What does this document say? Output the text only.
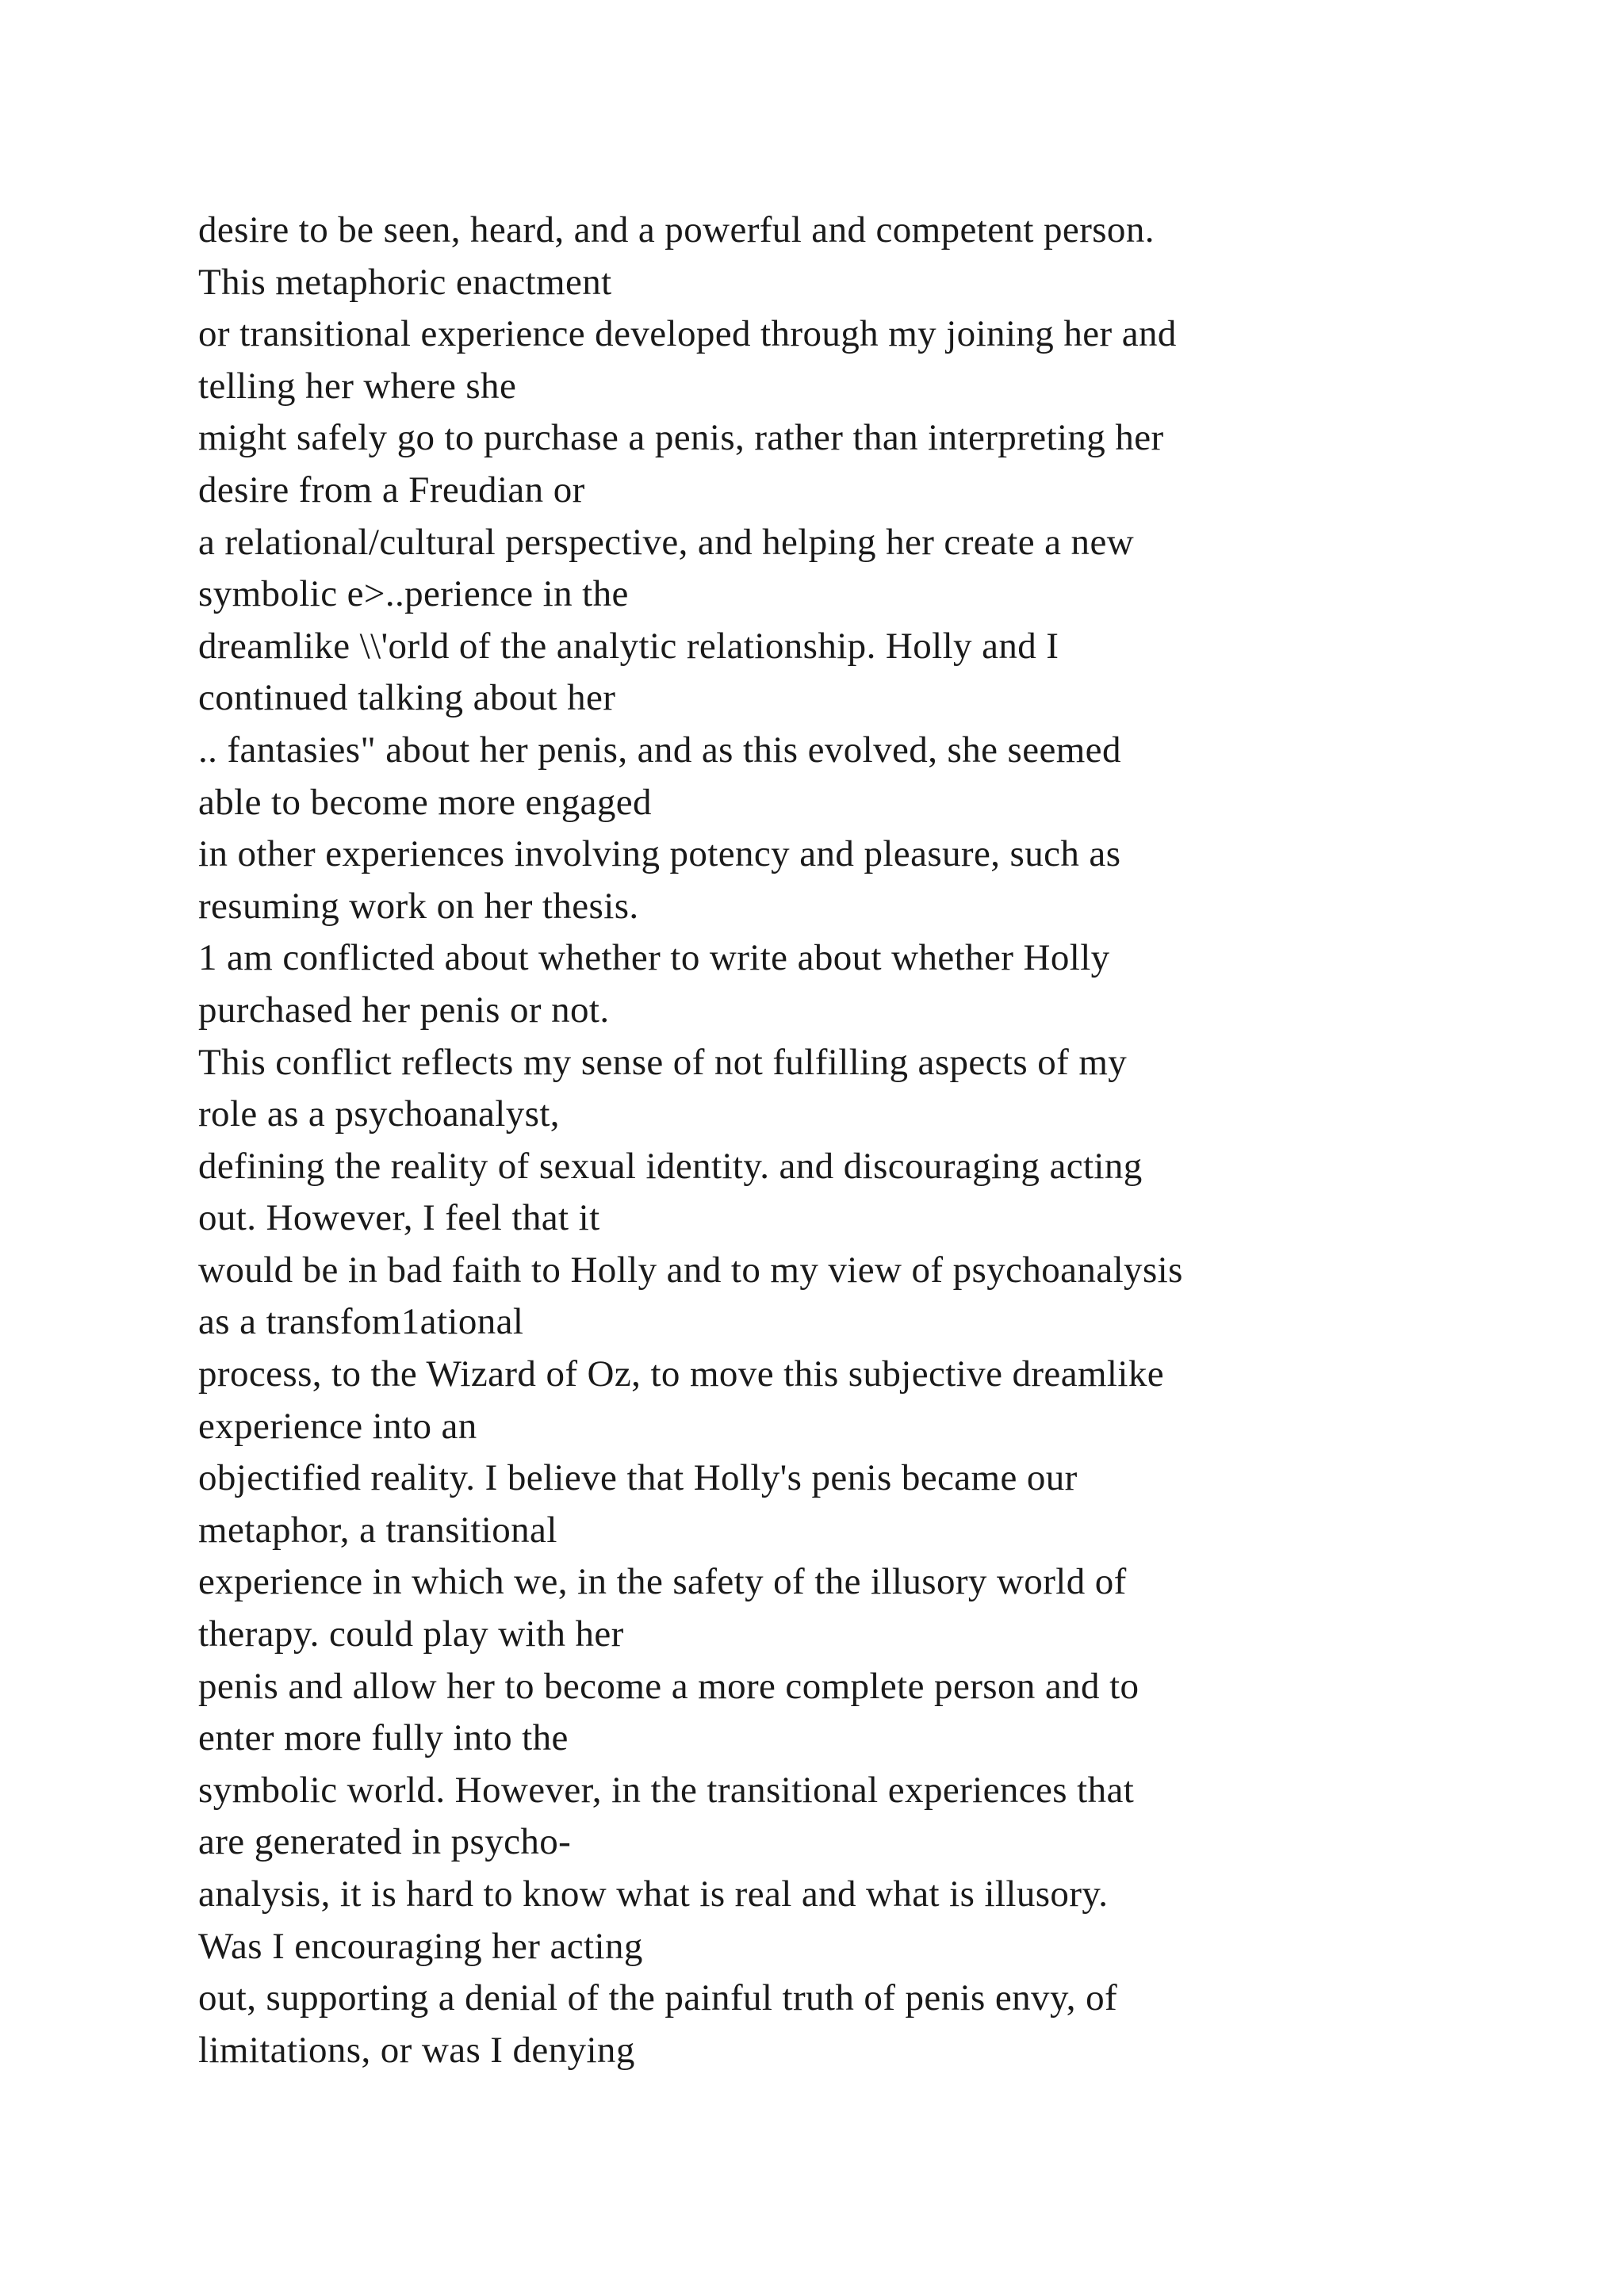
desire to be seen, heard, and a powerful and competent person.
This metaphoric enactment
or transitional experience developed through my joining her and
telling her where she
might safely go to purchase a penis, rather than interpreting her
desire from a Freudian or
a relational/cultural perspective, and helping her create a new
symbolic e>..perience in the
dreamlike \\'orld of the analytic relationship. Holly and I
continued talking about her
.. fantasies" about her penis, and as this evolved, she seemed
able to become more engaged
in other experiences involving potency and pleasure, such as
resuming work on her thesis.
1 am conflicted about whether to write about whether Holly
purchased her penis or not.
This conflict reflects my sense of not fulfilling aspects of my
role as a psychoanalyst,
defining the reality of sexual identity. and discouraging acting
out. However, I feel that it
would be in bad faith to Holly and to my view of psychoanalysis
as a transfom1ational
process, to the Wizard of Oz, to move this subjective dreamlike
experience into an
objectified reality. I believe that Holly's penis became our
metaphor, a transitional
experience in which we, in the safety of the illusory world of
therapy. could play with her
penis and allow her to become a more complete person and to
enter more fully into the
symbolic world. However, in the transitional experiences that
are generated in psycho-
analysis, it is hard to know what is real and what is illusory.
Was I encouraging her acting
out, supporting a denial of the painful truth of penis envy, of
limitations, or was I denying
